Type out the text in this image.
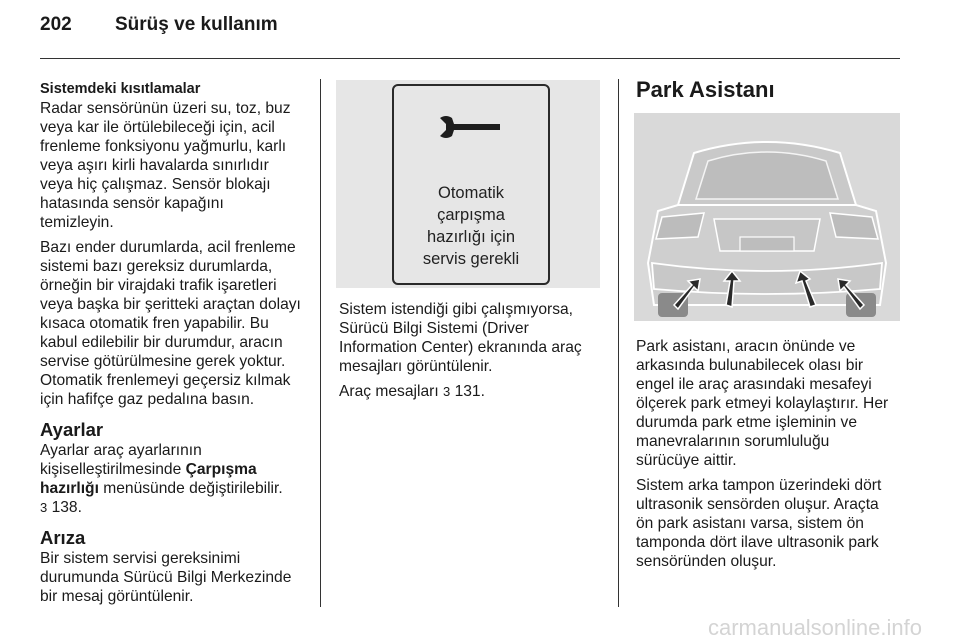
202 Sürüş ve kullanım
Sistemdeki kısıtlamalar

Radar sensörünün üzeri su, toz, buz
veya kar ile örtülebileceği için, acil
frenleme fonksiyonu yağmurlu, karlı
veya aşırı kirli havalarda sınırlıdır
veya hiç çalışmaz. Sensör blokajı
hatasında sensör kapağını
temizleyin.

Bazı ender durumlarda, acil frenleme
sistemi bazı gereksiz durumlarda,
örneğin bir virajdaki trafik işaretleri
veya başka bir şeritteki araçtan dolayı
kısaca otomatik fren yapabilir. Bu
kabul edilebilir bir durumdur, aracın
servise götürülmesine gerek yoktur.
Otomatik frenlemeyi geçersiz kılmak
için hafifçe gaz pedalına basın.

Ayarlar

Ayarlar araç ayarlarının
kişiselleştirilmesinde Çarpışma
hazırlığı menüsünde değiştirilebilir.
3 138.

Arıza

Bir sistem servisi gereksinimi
durumunda Sürücü Bilgi Merkezinde
bir mesaj görüntülenir.

Otomatik
çarpışma
hazırlığı için
servis gerekli

Sistem istendiği gibi çalışmıyorsa,
Sürücü Bilgi Sistemi (Driver
Information Center) ekranında araç
mesajları görüntülenir.

Araç mesajları 3 131.

Park Asistanı

Park asistanı, aracın önünde ve
arkasında bulunabilecek olası bir
engel ile araç arasındaki mesafeyi
ölçerek park etmeyi kolaylaştırır. Her
durumda park etme işleminin ve
manevralarının sorumluluğu
sürücüye aittir.

Sistem arka tampon üzerindeki dört
ultrasonik sensörden oluşur. Araçta
ön park asistanı varsa, sistem ön
tamponda dört ilave ultrasonik park
sensöründen oluşur.

carmanualsonline.info
